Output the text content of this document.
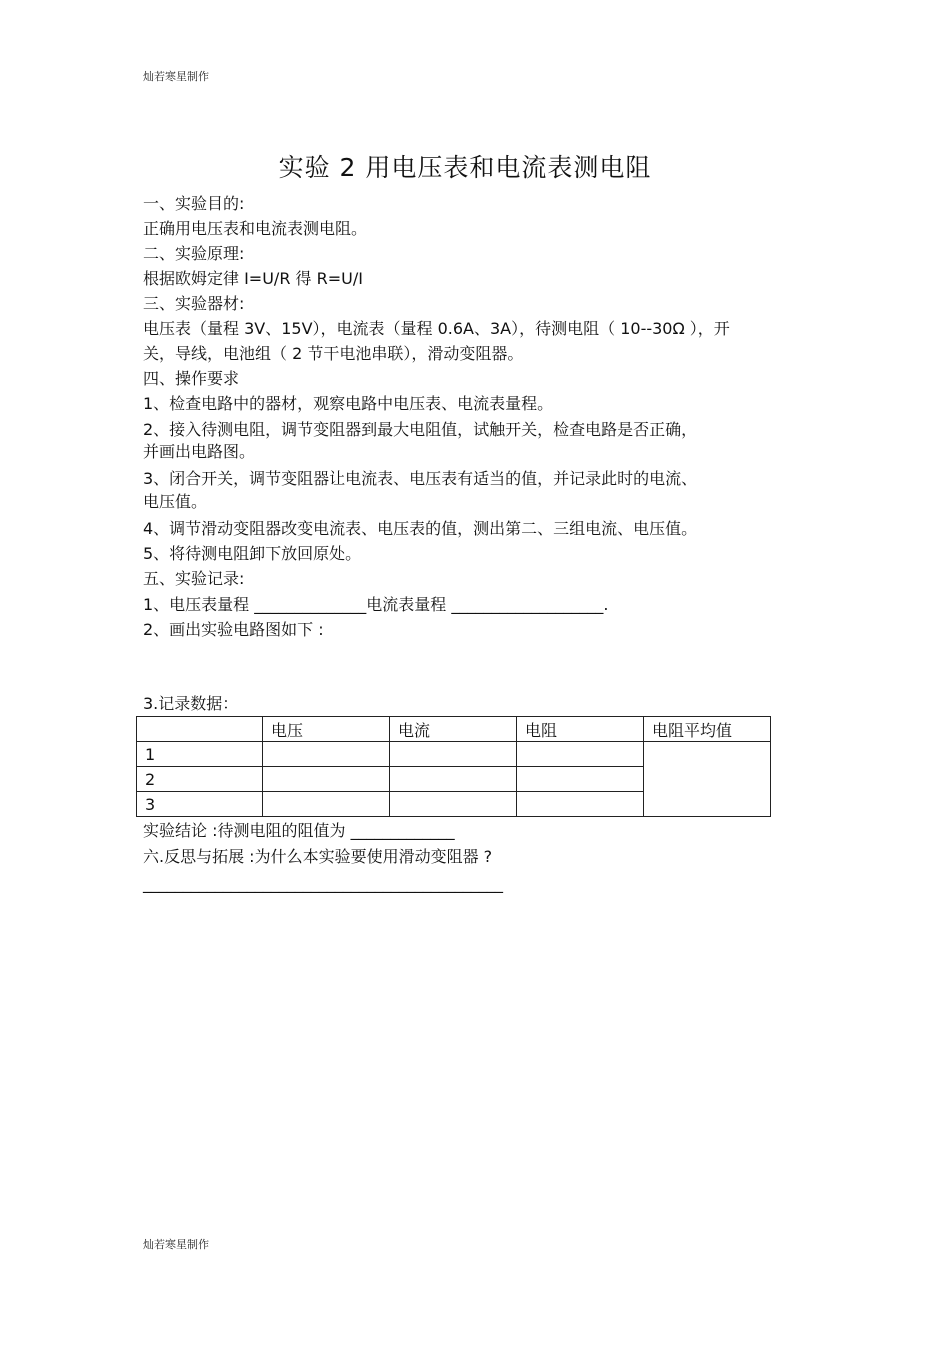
灿若寒星制作
实验 2 用电压表和电流表测电阻
一、实验目的:
正确用电压表和电流表测电阻。
二、实验原理:
根据欧姆定律 I=U/R 得 R=U/I
三、实验器材:
电压表（量程 3V、15V），电流表（量程 0.6A、3A），待测电阻（ 10--30Ω ），开
关，导线，电池组（ 2 节干电池串联），滑动变阻器。
四、操作要求
1、检查电路中的器材，观察电路中电压表、电流表量程。
2、接入待测电阻，调节变阻器到最大电阻值，试触开关，检查电路是否正确，
并画出电路图。
3、闭合开关，调节变阻器让电流表、电压表有适当的值，并记录此时的电流、
电压值。
4、调节滑动变阻器改变电流表、电压表的值，测出第二、三组电流、电压值。
5、将待测电阻卸下放回原处。
五、实验记录:
1、电压表量程 ______________电流表量程 ___________________.
2、画出实验电路图如下 :
3.记录数据：
	电压	电流	电阻	电阻平均值
1				
2				
3				
实验结论 :待测电阻的阻值为 _____________
六.反思与拓展 :为什么本实验要使用滑动变阻器 ?
_____________________________________________
灿若寒星制作
